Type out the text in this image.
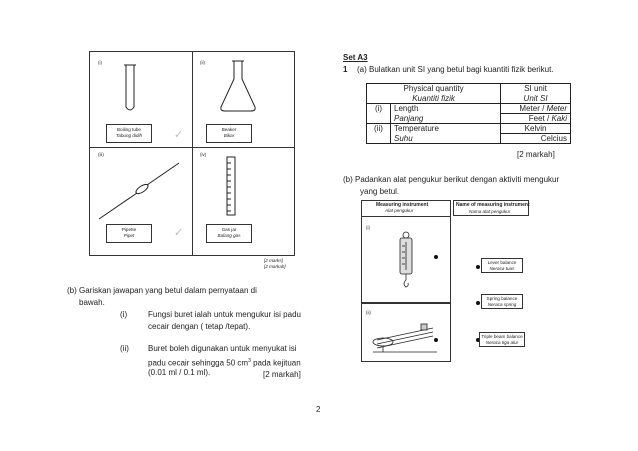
(i)	(ii)
(iii)	(iv)
Boiling tube
Tabung didih
Beaker
Bikar
Pipette
Pipet
Gas jar
Balang gas
✓
✓
[2 marks]
[2 markah]
(b) Gariskan jawapan yang betul dalam pernyataan di
bawah.
(i)	Fungsi buret ialah untuk mengukur isi padu
cecair dengan ( tetap /tepat).
(ii) Buret boleh digunakan untuk menyukat isi
padu cecair sehingga 50 $cm^3$ pada kejituan
(0.01 ml / 0.1 ml).	[2 markah]
2
Set A3
1 (a) Bulatkan unit SI yang betul bagi kuantiti fizik berikut.
Physical quantity		SI unit
Kuantiti fizik		Unit SI
(i)	Length	Meter / Meter
	Panjang	Feet / Kaki
(ii)	Temperature	Kelvin
	Suhu	Celcius
[2 markah]
(b) Padankan alat pengukur berikut dengan aktiviti mengukur
yang betul.
Measuring instrument
Alat pengukur
Name of measuring instrument
Nama alat pengukur
(i)
(ii)
Lever balance
Neraca tuas
Spring balance
Neraca spring
Triple beam balance
Neraca tiga alur
